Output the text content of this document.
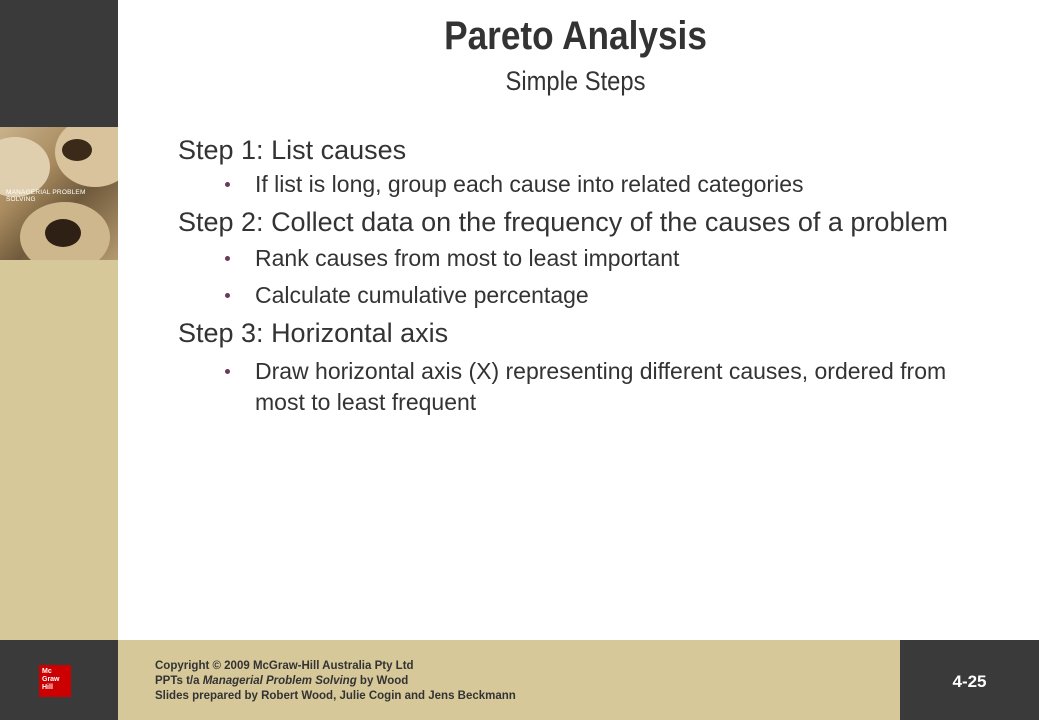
MANAGERIAL PROBLEM SOLVING
Pareto Analysis
Simple Steps

Step 1: List causes

If list is long, group each cause into related categories

Step 2: Collect data on the frequency of the causes of a problem

Rank causes from most to least important
Calculate cumulative percentage

Step 3: Horizontal axis

Draw horizontal axis (X) representing different causes, ordered from most to least frequent
Mc
Graw
Hill
Copyright © 2009 McGraw-Hill Australia Pty Ltd
PPTs t/a Managerial Problem Solving by Wood
Slides prepared by Robert Wood, Julie Cogin and Jens Beckmann
4-25
